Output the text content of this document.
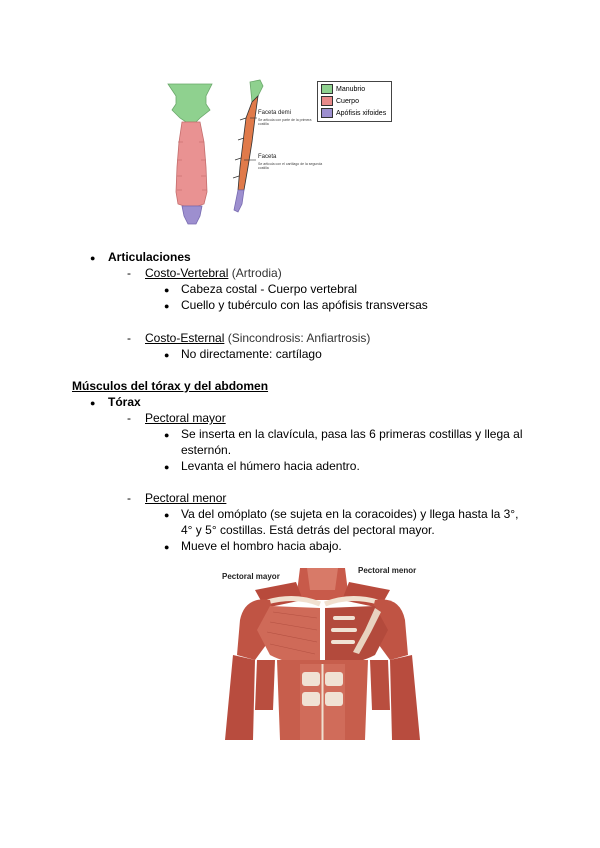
Manubrio
Cuerpo
Apófisis xifoides
Faceta demi
Se articula con parte de la primera costilla
Faceta
Se articula con el cartílago de la segunda costilla
● Articulaciones
- Costo-Vertebral (Artrodia)
● Cabeza costal - Cuerpo vertebral
● Cuello y tubérculo con las apófisis transversas
- Costo-Esternal (Sincondrosis: Anfiartrosis)
● No directamente: cartílago
Músculos del tórax y del abdomen
● Tórax
- Pectoral mayor
● Se inserta en la clavícula, pasa las 6 primeras costillas y llega al
esternón.
● Levanta el húmero hacia adentro.
- Pectoral menor
● Va del omóplato (se sujeta en la coracoides) y llega hasta la 3°,
4° y 5° costillas. Está detrás del pectoral mayor.
● Mueve el hombro hacia abajo.
Pectoral mayor
Pectoral menor
